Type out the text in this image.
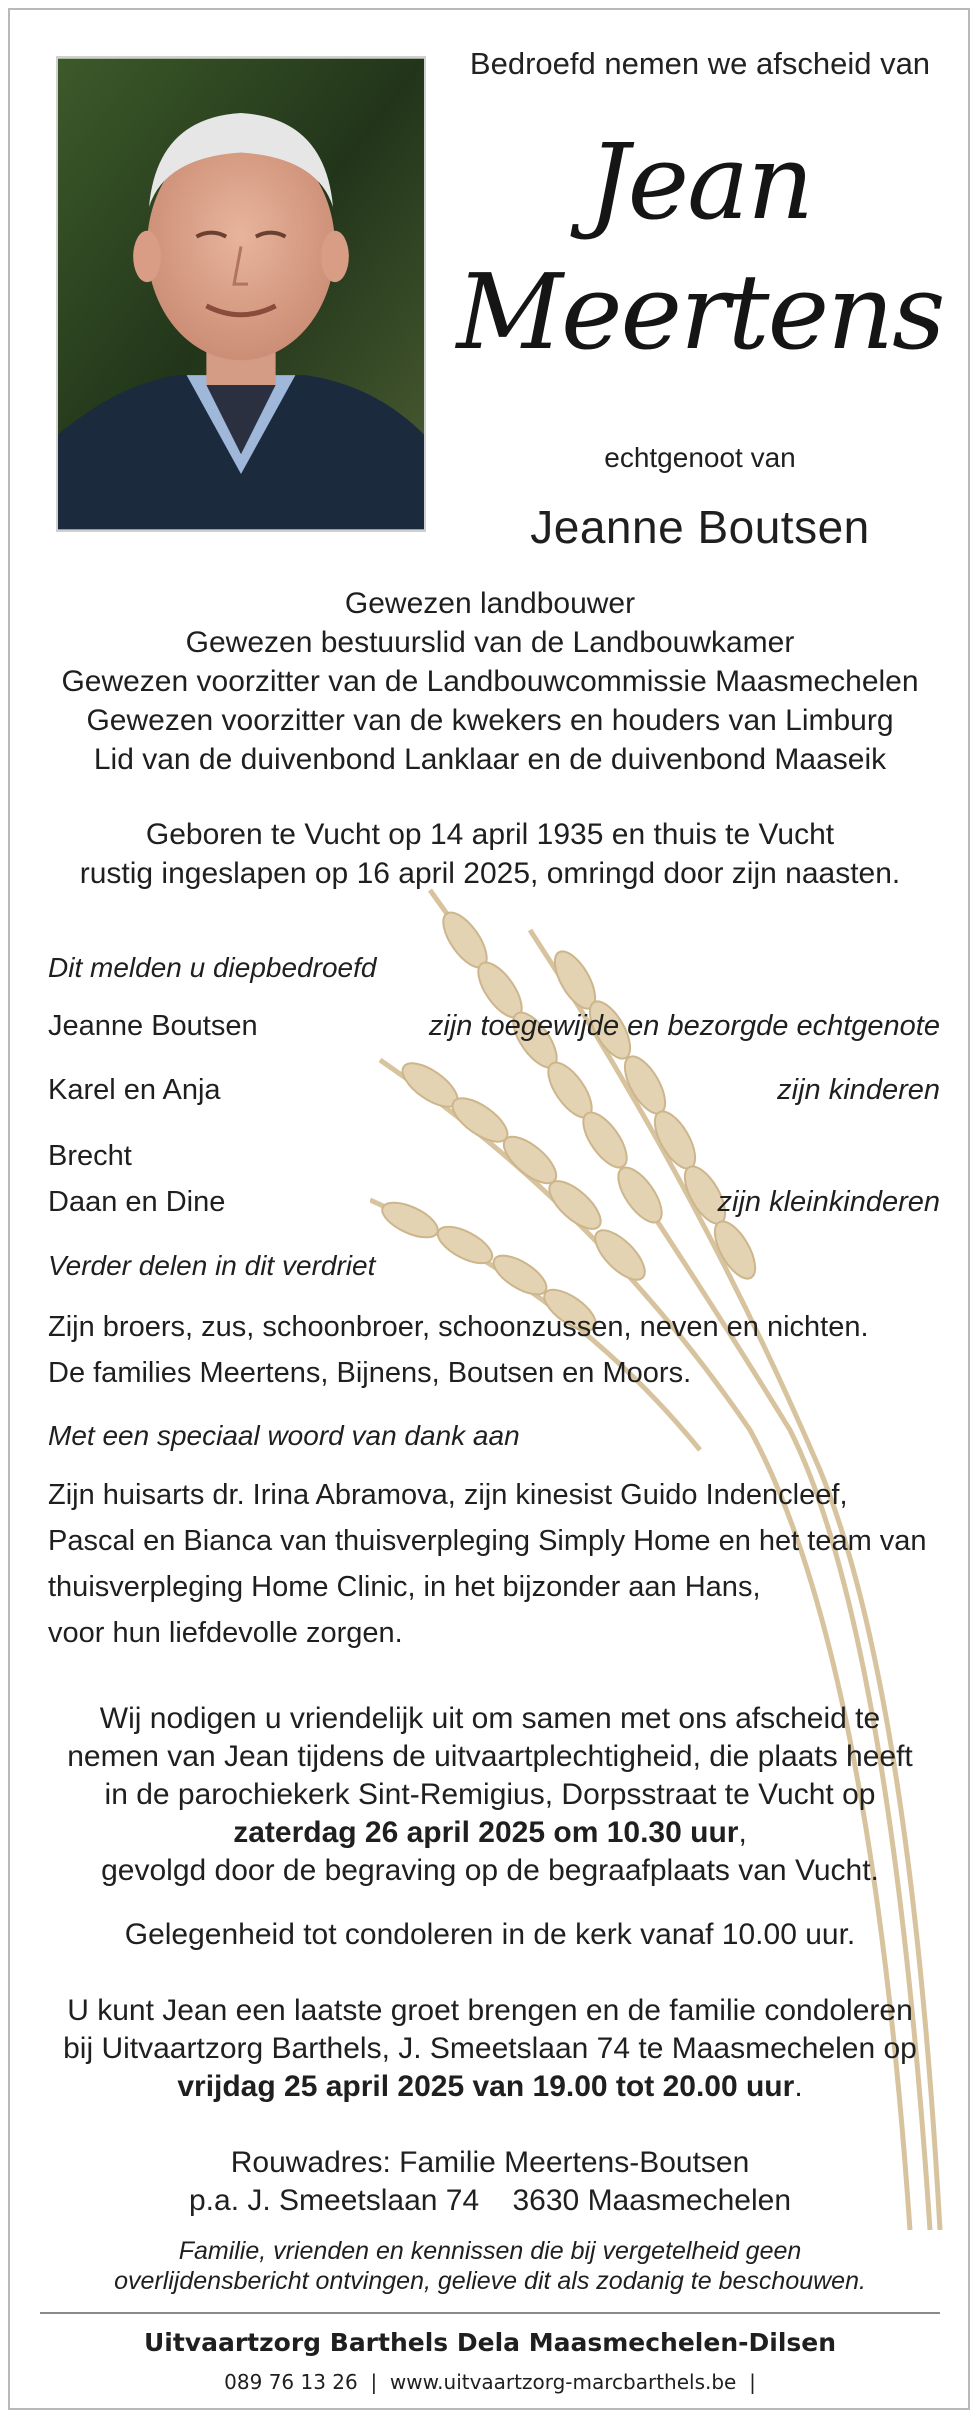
Bedroefd nemen we afscheid van
Jean
Meertens
echtgenoot van
Jeanne Boutsen
Gewezen landbouwer
Gewezen bestuurslid van de Landbouwkamer
Gewezen voorzitter van de Landbouwcommissie Maasmechelen
Gewezen voorzitter van de kwekers en houders van Limburg
Lid van de duivenbond Lanklaar en de duivenbond Maaseik
Geboren te Vucht op 14 april 1935 en thuis te Vucht
rustig ingeslapen op 16 april 2025, omringd door zijn naasten.
Dit melden u diepbedroefd
Jeanne Boutsen	zijn toegewijde en bezorgde echtgenote
Karel en Anja	zijn kinderen
Brecht
Daan en Dine	zijn kleinkinderen
Verder delen in dit verdriet
Zijn broers, zus, schoonbroer, schoonzussen, neven en nichten.
De families Meertens, Bijnens, Boutsen en Moors.
Met een speciaal woord van dank aan
Zijn huisarts dr. Irina Abramova, zijn kinesist Guido Indencleef,
Pascal en Bianca van thuisverpleging Simply Home en het team van
thuisverpleging Home Clinic, in het bijzonder aan Hans,
voor hun liefdevolle zorgen.
Wij nodigen u vriendelijk uit om samen met ons afscheid te
nemen van Jean tijdens de uitvaartplechtigheid, die plaats heeft
in de parochiekerk Sint-Remigius, Dorpsstraat te Vucht op
zaterdag 26 april 2025 om 10.30 uur,
gevolgd door de begraving op de begraafplaats van Vucht.
Gelegenheid tot condoleren in de kerk vanaf 10.00 uur.
U kunt Jean een laatste groet brengen en de familie condoleren
bij Uitvaartzorg Barthels, J. Smeetslaan 74 te Maasmechelen op
vrijdag 25 april 2025 van 19.00 tot 20.00 uur.
Rouwadres: Familie Meertens-Boutsen
p.a. J. Smeetslaan 74    3630 Maasmechelen
Familie, vrienden en kennissen die bij vergetelheid geen
overlijdensbericht ontvingen, gelieve dit als zodanig te beschouwen.
Uitvaartzorg Barthels Dela Maasmechelen-Dilsen
089 76 13 26  |  www.uitvaartzorg-marcbarthels.be  |
